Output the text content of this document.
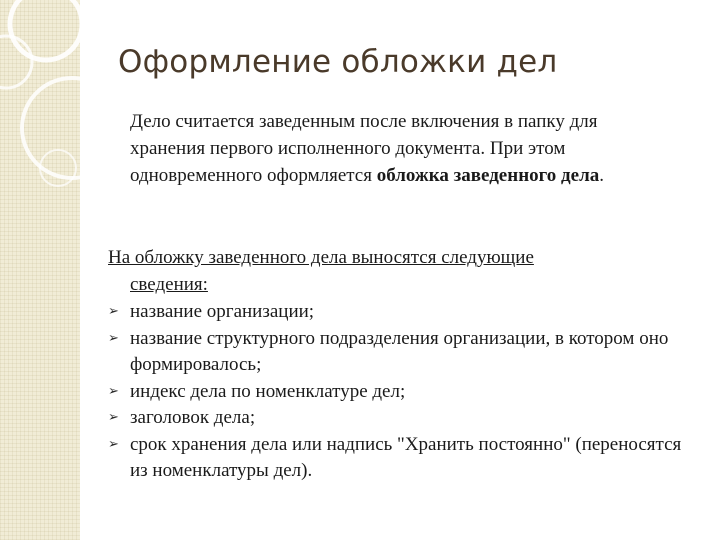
Оформление обложки дел

Дело считается заведенным после включения в папку для хранения первого исполненного документа. При этом одновременного оформляется обложка заведенного дела.

На обложку заведенного дела выносятся следующие
сведения:

➢ название организации;
➢ название структурного подразделения организации, в котором оно формировалось;
➢ индекс дела по номенклатуре дел;
➢ заголовок дела;
➢ срок хранения дела или надпись "Хранить постоянно" (переносятся из номенклатуры дел).
